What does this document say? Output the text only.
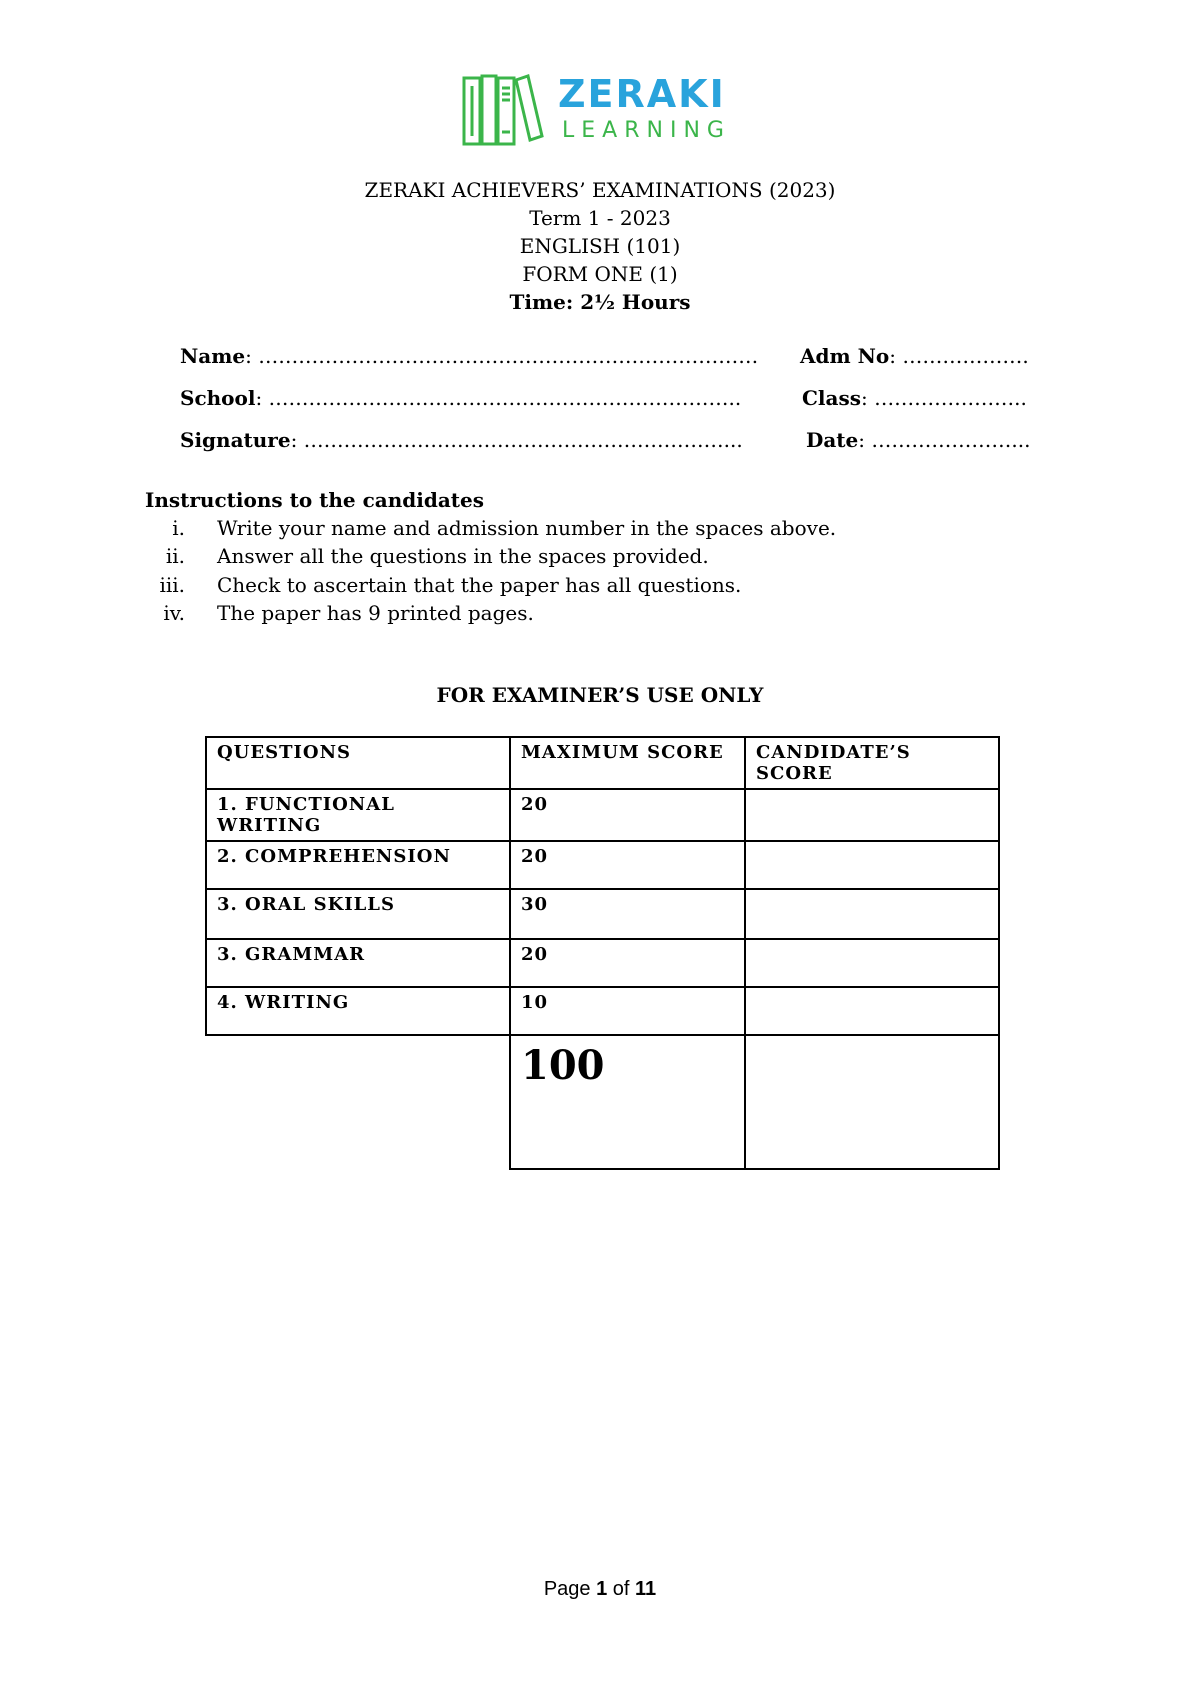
ZERAKI
LEARNING
ZERAKI ACHIEVERS’ EXAMINATIONS (2023)
Term 1 - 2023
ENGLISH (101)
FORM ONE (1)
Time: 2½ Hours
Name: ………………………………………………………………… Adm No: ……………….
School: ……………………………………………………………..	Class: …………………..
Signature: ………………………………………………………...	Date: …………………...
Instructions to the candidates
i. Write your name and admission number in the spaces above.
ii. Answer all the questions in the spaces provided.
iii. Check to ascertain that the paper has all questions.
iv. The paper has 9 printed pages.
FOR EXAMINER’S USE ONLY
QUESTIONS	MAXIMUM SCORE	CANDIDATE’S SCORE
1. FUNCTIONAL WRITING	20	
2. COMPREHENSION	20	
3. ORAL SKILLS	30	
3. GRAMMAR	20	
4. WRITING	10	
	100	
Page 1 of 11
